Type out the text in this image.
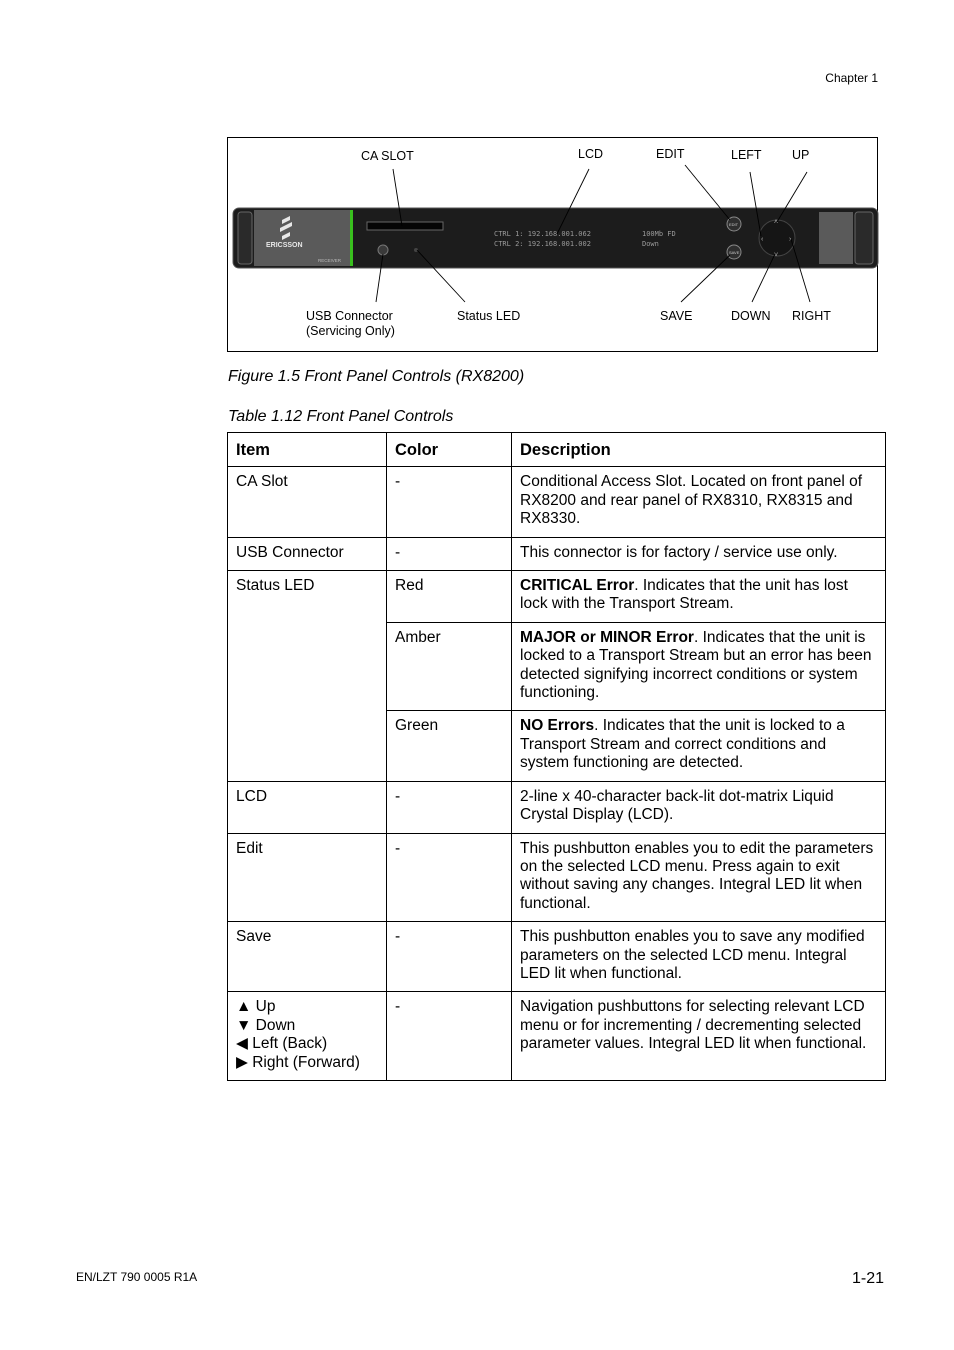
Chapter 1
ERICSSON
RECEIVER
CTRL 1: 192.168.001.062
CTRL 2: 192.168.001.002
100Mb FD
Down
EDIT
SAVE
˄
˅
‹	›
CA SLOT	LCD	EDIT	LEFT UP
USB Connector
(Servicing Only)
Status LED	SAVE	DOWN RIGHT
Figure 1.5 Front Panel Controls (RX8200)
Table 1.12 Front Panel Controls
Item	Color	Description
CA Slot	-	Conditional Access Slot. Located on front panel of RX8200 and rear panel of RX8310, RX8315 and RX8330.
USB Connector	-	This connector is for factory / service use only.
Status LED	Red	CRITICAL Error. Indicates that the unit has lost lock with the Transport Stream.
	Amber	MAJOR or MINOR Error. Indicates that the unit is locked to a Transport Stream but an error has been detected signifying incorrect conditions or system functioning.
	Green	NO Errors. Indicates that the unit is locked to a Transport Stream and correct conditions and system functioning are detected.
LCD	-	2-line x 40-character back-lit dot-matrix Liquid Crystal Display (LCD).
Edit	-	This pushbutton enables you to edit the parameters on the selected LCD menu. Press again to exit without saving any changes. Integral LED lit when functional.
Save	-	This pushbutton enables you to save any modified parameters on the selected LCD menu. Integral LED lit when functional.

▲ Up
▼ Down
◀ Left (Back)
▶ Right (Forward)	-	Navigation pushbuttons for selecting relevant LCD menu or for incrementing / decrementing selected parameter values. Integral LED lit when functional.
EN/LZT 790 0005 R1A	1-21
